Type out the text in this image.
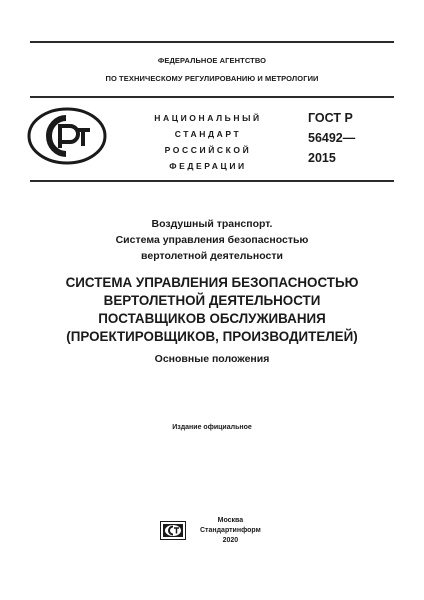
ФЕДЕРАЛЬНОЕ АГЕНТСТВО
ПО ТЕХНИЧЕСКОМУ РЕГУЛИРОВАНИЮ И МЕТРОЛОГИИ
НАЦИОНАЛЬНЫЙ
СТАНДАРТ
РОССИЙСКОЙ
ФЕДЕРАЦИИ
ГОСТ Р
56492—
2015
Воздушный транспорт.
Система управления безопасностью
вертолетной деятельности
СИСТЕМА УПРАВЛЕНИЯ БЕЗОПАСНОСТЬЮ
ВЕРТОЛЕТНОЙ ДЕЯТЕЛЬНОСТИ
ПОСТАВЩИКОВ ОБСЛУЖИВАНИЯ
(ПРОЕКТИРОВЩИКОВ, ПРОИЗВОДИТЕЛЕЙ)
Основные положения
Издание официальное
Москва
Стандартинформ
2020
